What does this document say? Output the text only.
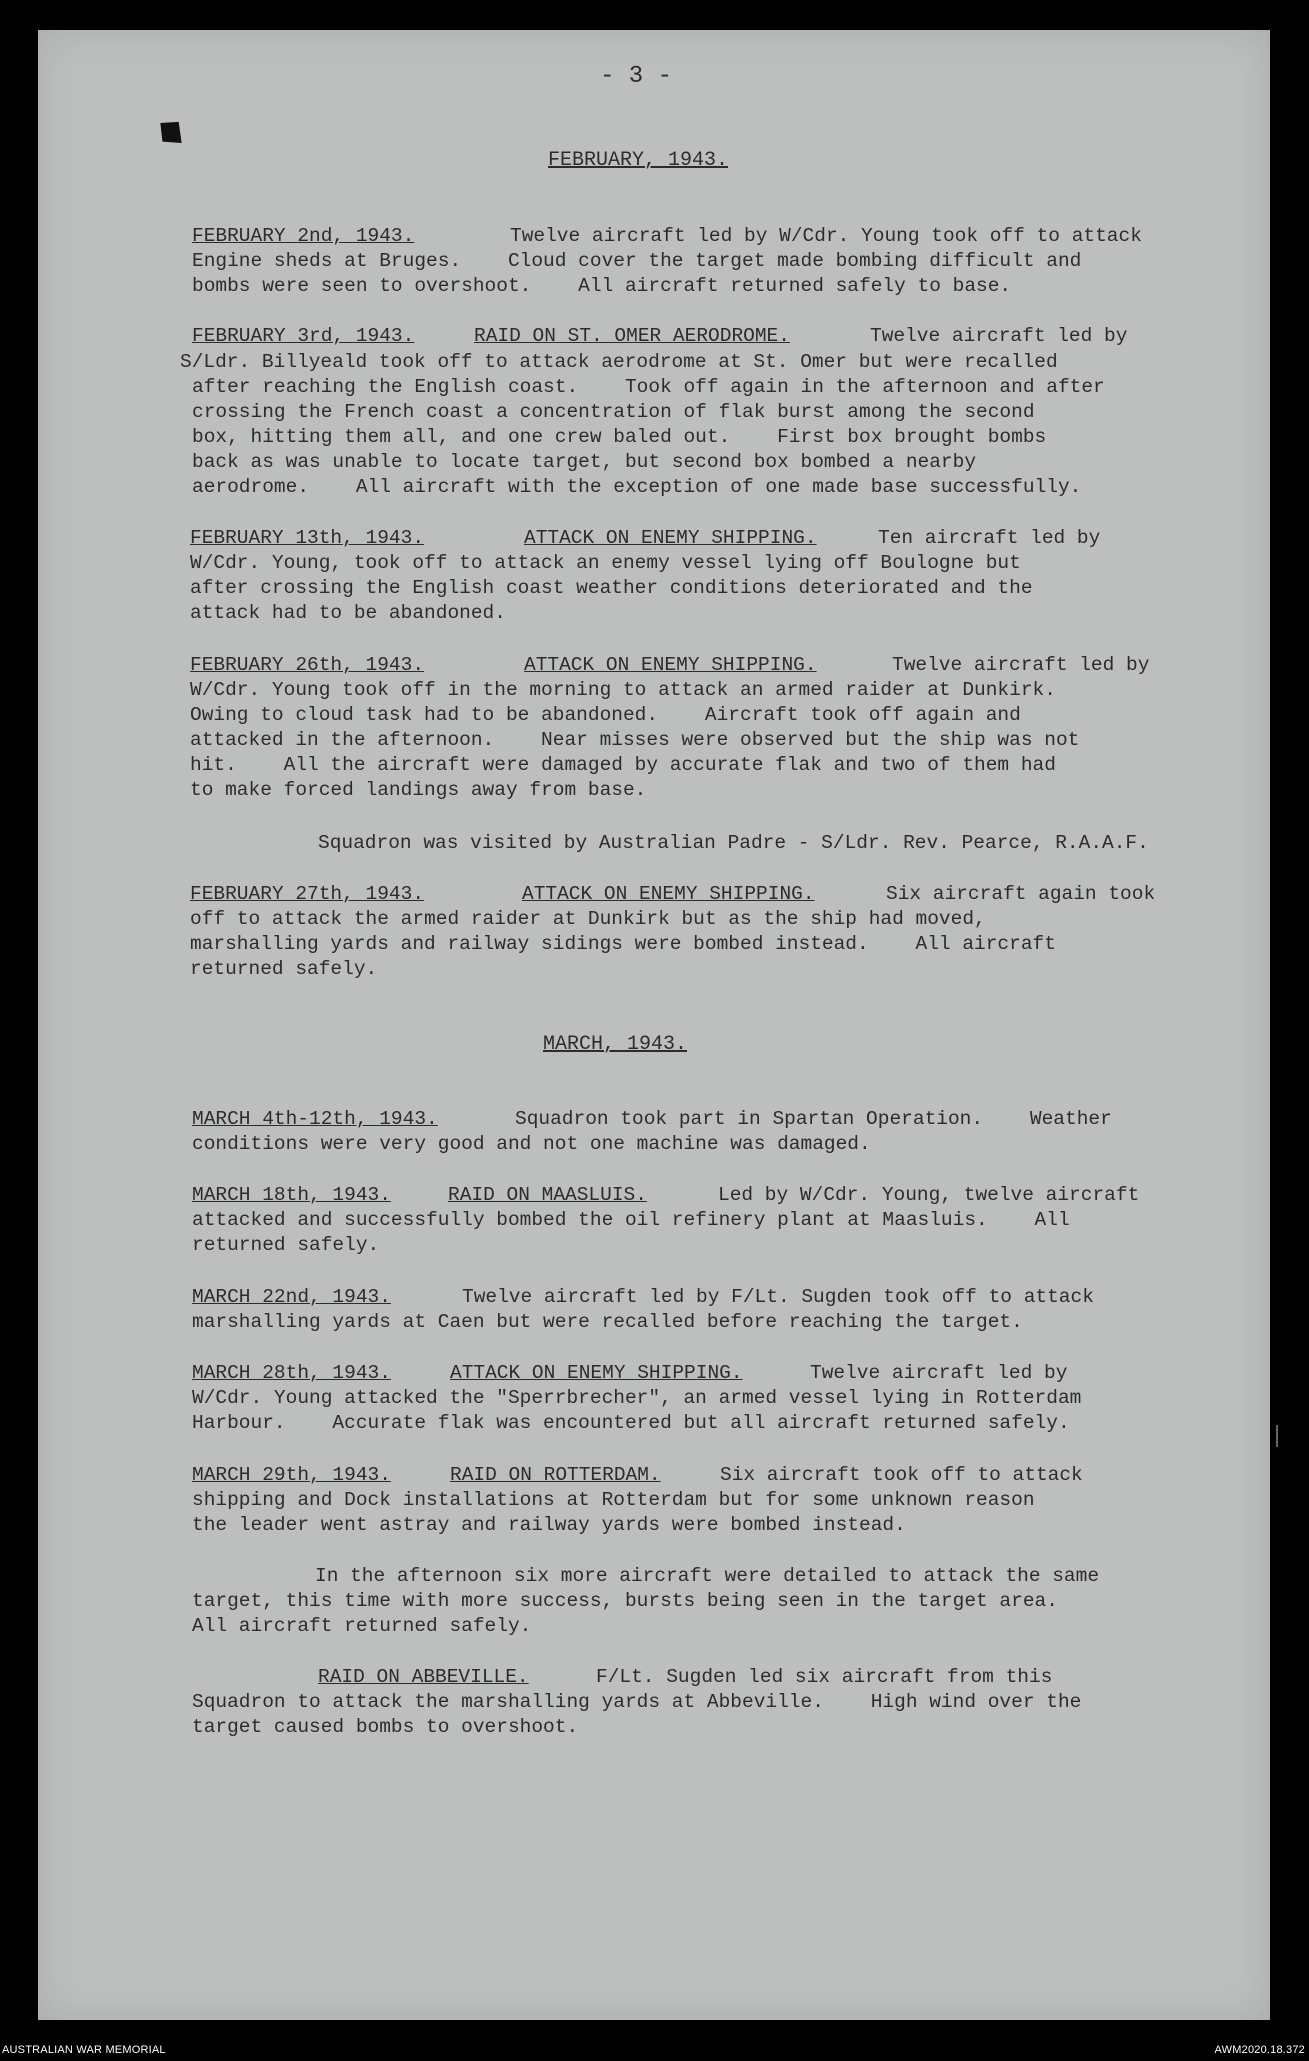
- 3 -
FEBRUARY, 1943.
FEBRUARY 2nd, 1943.	Twelve aircraft led by W/Cdr. Young took off to attack
Engine sheds at Bruges.    Cloud cover the target made bombing difficult and
bombs were seen to overshoot.    All aircraft returned safely to base.
FEBRUARY 3rd, 1943.	RAID ON ST. OMER AERODROME.	Twelve aircraft led by
S/Ldr. Billyeald took off to attack aerodrome at St. Omer but were recalled
after reaching the English coast.    Took off again in the afternoon and after
crossing the French coast a concentration of flak burst among the second
box, hitting them all, and one crew baled out.    First box brought bombs
back as was unable to locate target, but second box bombed a nearby
aerodrome.    All aircraft with the exception of one made base successfully.
FEBRUARY 13th, 1943.	ATTACK ON ENEMY SHIPPING.	Ten aircraft led by
W/Cdr. Young, took off to attack an enemy vessel lying off Boulogne but
after crossing the English coast weather conditions deteriorated and the
attack had to be abandoned.
FEBRUARY 26th, 1943.	ATTACK ON ENEMY SHIPPING.	Twelve aircraft led by
W/Cdr. Young took off in the morning to attack an armed raider at Dunkirk.
Owing to cloud task had to be abandoned.    Aircraft took off again and
attacked in the afternoon.    Near misses were observed but the ship was not
hit.    All the aircraft were damaged by accurate flak and two of them had
to make forced landings away from base.
Squadron was visited by Australian Padre - S/Ldr. Rev. Pearce, R.A.A.F.
FEBRUARY 27th, 1943.	ATTACK ON ENEMY SHIPPING.	Six aircraft again took
off to attack the armed raider at Dunkirk but as the ship had moved,
marshalling yards and railway sidings were bombed instead.    All aircraft
returned safely.
MARCH, 1943.
MARCH 4th-12th, 1943.	Squadron took part in Spartan Operation.    Weather
conditions were very good and not one machine was damaged.
MARCH 18th, 1943.	RAID ON MAASLUIS.	Led by W/Cdr. Young, twelve aircraft
attacked and successfully bombed the oil refinery plant at Maasluis.    All
returned safely.
MARCH 22nd, 1943.	Twelve aircraft led by F/Lt. Sugden took off to attack
marshalling yards at Caen but were recalled before reaching the target.
MARCH 28th, 1943.	ATTACK ON ENEMY SHIPPING.	Twelve aircraft led by
W/Cdr. Young attacked the "Sperrbrecher", an armed vessel lying in Rotterdam
Harbour.    Accurate flak was encountered but all aircraft returned safely.
MARCH 29th, 1943.	RAID ON ROTTERDAM.	Six aircraft took off to attack
shipping and Dock installations at Rotterdam but for some unknown reason
the leader went astray and railway yards were bombed instead.
In the afternoon six more aircraft were detailed to attack the same
target, this time with more success, bursts being seen in the target area.
All aircraft returned safely.
RAID ON ABBEVILLE.	F/Lt. Sugden led six aircraft from this
Squadron to attack the marshalling yards at Abbeville.    High wind over the
target caused bombs to overshoot.
AUSTRALIAN WAR MEMORIAL	AWM2020.18.372
